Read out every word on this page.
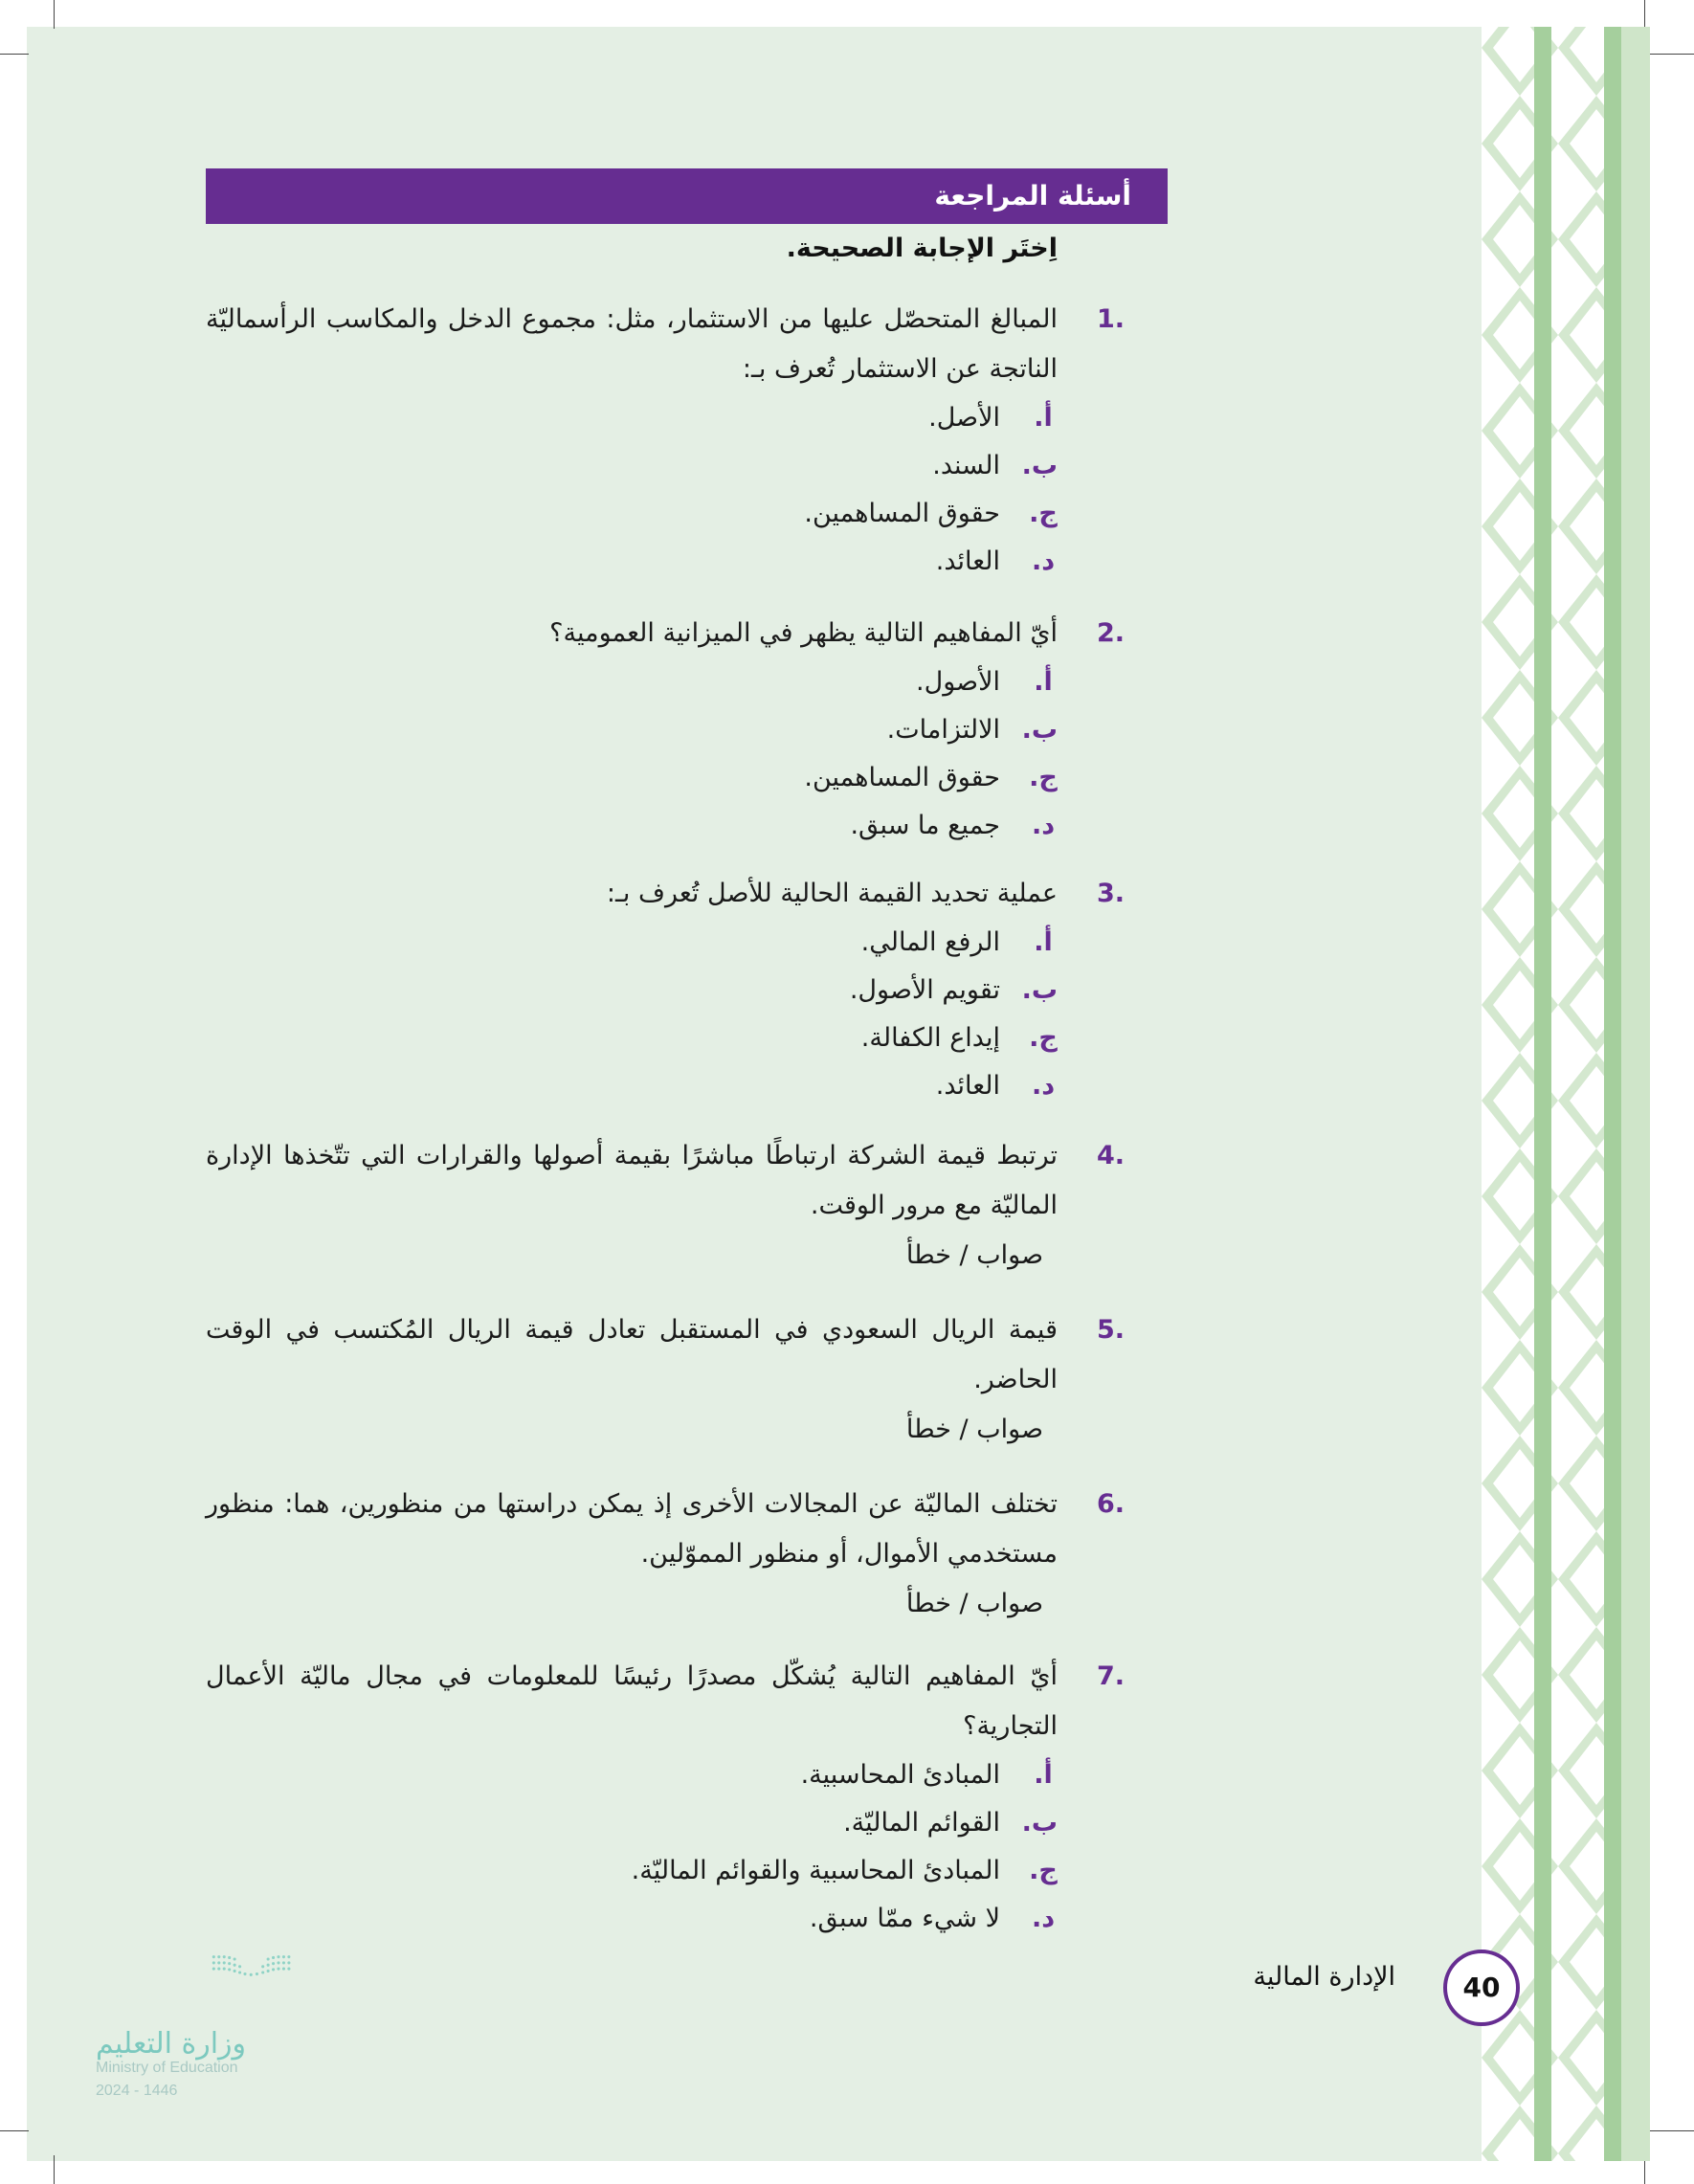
أسئلة المراجعة
اِختَر الإجابة الصحيحة.
.1
المبالغ المتحصّل عليها من الاستثمار، مثل: مجموع الدخل والمكاسب الرأسماليّة الناتجة عن الاستثمار تُعرف بـ:
أ.
الأصل.
ب.
السند.
ج.
حقوق المساهمين.
د.
العائد.
.2
أيّ المفاهيم التالية يظهر في الميزانية العمومية؟
أ.
الأصول.
ب.
الالتزامات.
ج.
حقوق المساهمين.
د.
جميع ما سبق.
.3
عملية تحديد القيمة الحالية للأصل تُعرف بـ:
أ.
الرفع المالي.
ب.
تقويم الأصول.
ج.
إيداع الكفالة.
د.
العائد.
.4
ترتبط قيمة الشركة ارتباطًا مباشرًا بقيمة أصولها والقرارات التي تتّخذها الإدارة الماليّة مع مرور الوقت.
صواب / خطأ
.5
قيمة الريال السعودي في المستقبل تعادل قيمة الريال المُكتسب في الوقت الحاضر.
صواب / خطأ
.6
تختلف الماليّة عن المجالات الأخرى إذ يمكن دراستها من منظورين، هما: منظور مستخدمي الأموال، أو منظور المموّلين.
صواب / خطأ
.7
أيّ المفاهيم التالية يُشكّل مصدرًا رئيسًا للمعلومات في مجال ماليّة الأعمال التجارية؟
أ.
المبادئ المحاسبية.
ب.
القوائم الماليّة.
ج.
المبادئ المحاسبية والقوائم الماليّة.
د.
لا شيء ممّا سبق.
40
الإدارة المالية
وزارة التعليم
Ministry of Education
2024 - 1446
